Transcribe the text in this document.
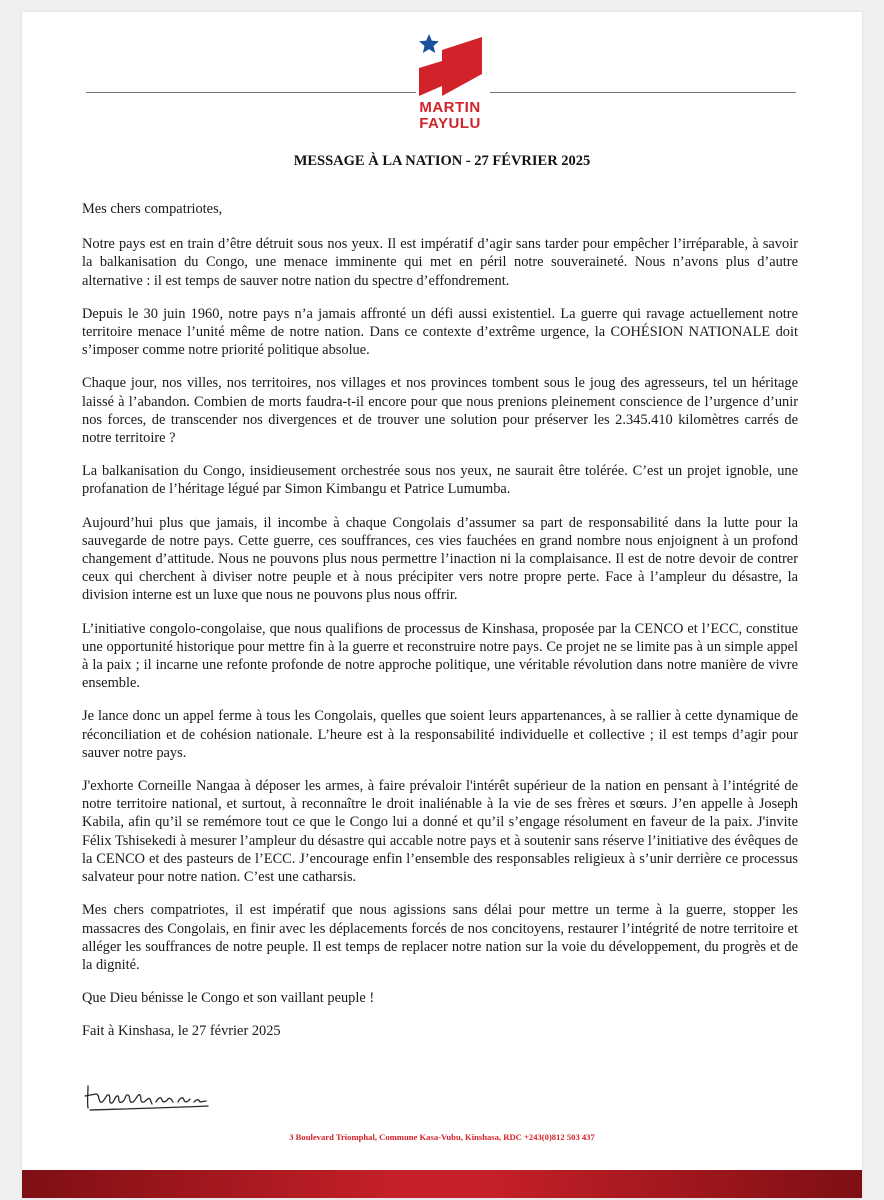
MARTIN
FAYULU
MESSAGE À LA NATION - 27 FÉVRIER 2025

Mes chers compatriotes,

Notre pays est en train d’être détruit sous nos yeux. Il est impératif d’agir sans tarder pour empêcher l’irréparable, à savoir la balkanisation du Congo, une menace imminente qui met en péril notre souveraineté. Nous n’avons plus d’autre alternative : il est temps de sauver notre nation du spectre d’effondrement.

Depuis le 30 juin 1960, notre pays n’a jamais affronté un défi aussi existentiel. La guerre qui ravage actuellement notre territoire menace l’unité même de notre nation. Dans ce contexte d’extrême urgence, la COHÉSION NATIONALE doit s’imposer comme notre priorité politique absolue.

Chaque jour, nos villes, nos territoires, nos villages et nos provinces tombent sous le joug des agresseurs, tel un héritage laissé à l’abandon. Combien de morts faudra-t-il encore pour que nous prenions pleinement conscience de l’urgence d’unir nos forces, de transcender nos divergences et de trouver une solution pour préserver les 2.345.410 kilomètres carrés de notre territoire ?

La balkanisation du Congo, insidieusement orchestrée sous nos yeux, ne saurait être tolérée. C’est un projet ignoble, une profanation de l’héritage légué par Simon Kimbangu et Patrice Lumumba.

Aujourd’hui plus que jamais, il incombe à chaque Congolais d’assumer sa part de responsabilité dans la lutte pour la sauvegarde de notre pays. Cette guerre, ces souffrances, ces vies fauchées en grand nombre nous enjoignent à un profond changement d’attitude. Nous ne pouvons plus nous permettre l’inaction ni la complaisance. Il est de notre devoir de contrer ceux qui cherchent à diviser notre peuple et à nous précipiter vers notre propre perte. Face à l’ampleur du désastre, la division interne est un luxe que nous ne pouvons plus nous offrir.

L’initiative congolo-congolaise, que nous qualifions de processus de Kinshasa, proposée par la CENCO et l’ECC, constitue une opportunité historique pour mettre fin à la guerre et reconstruire notre pays. Ce projet ne se limite pas à un simple appel à la paix ; il incarne une refonte profonde de notre approche politique, une véritable révolution dans notre manière de vivre ensemble.

Je lance donc un appel ferme à tous les Congolais, quelles que soient leurs appartenances, à se rallier à cette dynamique de réconciliation et de cohésion nationale. L’heure est à la responsabilité individuelle et collective ; il est temps d’agir pour sauver notre pays.

J'exhorte Corneille Nangaa à déposer les armes, à faire prévaloir l'intérêt supérieur de la nation en pensant à l’intégrité de notre territoire national, et surtout, à reconnaître le droit inaliénable à la vie de ses frères et sœurs. J’en appelle à Joseph Kabila, afin qu’il se remémore tout ce que le Congo lui a donné et qu’il s’engage résolument en faveur de la paix. J'invite Félix Tshisekedi à mesurer l’ampleur du désastre qui accable notre pays et à soutenir sans réserve l’initiative des évêques de la CENCO et des pasteurs de l’ECC. J’encourage enfin l’ensemble des responsables religieux à s’unir derrière ce processus salvateur pour notre nation. C’est une catharsis.

Mes chers compatriotes, il est impératif que nous agissions sans délai pour mettre un terme à la guerre, stopper les massacres des Congolais, en finir avec les déplacements forcés de nos concitoyens, restaurer l’intégrité de notre territoire et alléger les souffrances de notre peuple. Il est temps de replacer notre nation sur la voie du développement, du progrès et de la dignité.

Que Dieu bénisse le Congo et son vaillant peuple !

Fait à Kinshasa, le 27 février 2025

3 Boulevard Triomphal, Commune Kasa-Vubu, Kinshasa, RDC +243(0)812 503 437
